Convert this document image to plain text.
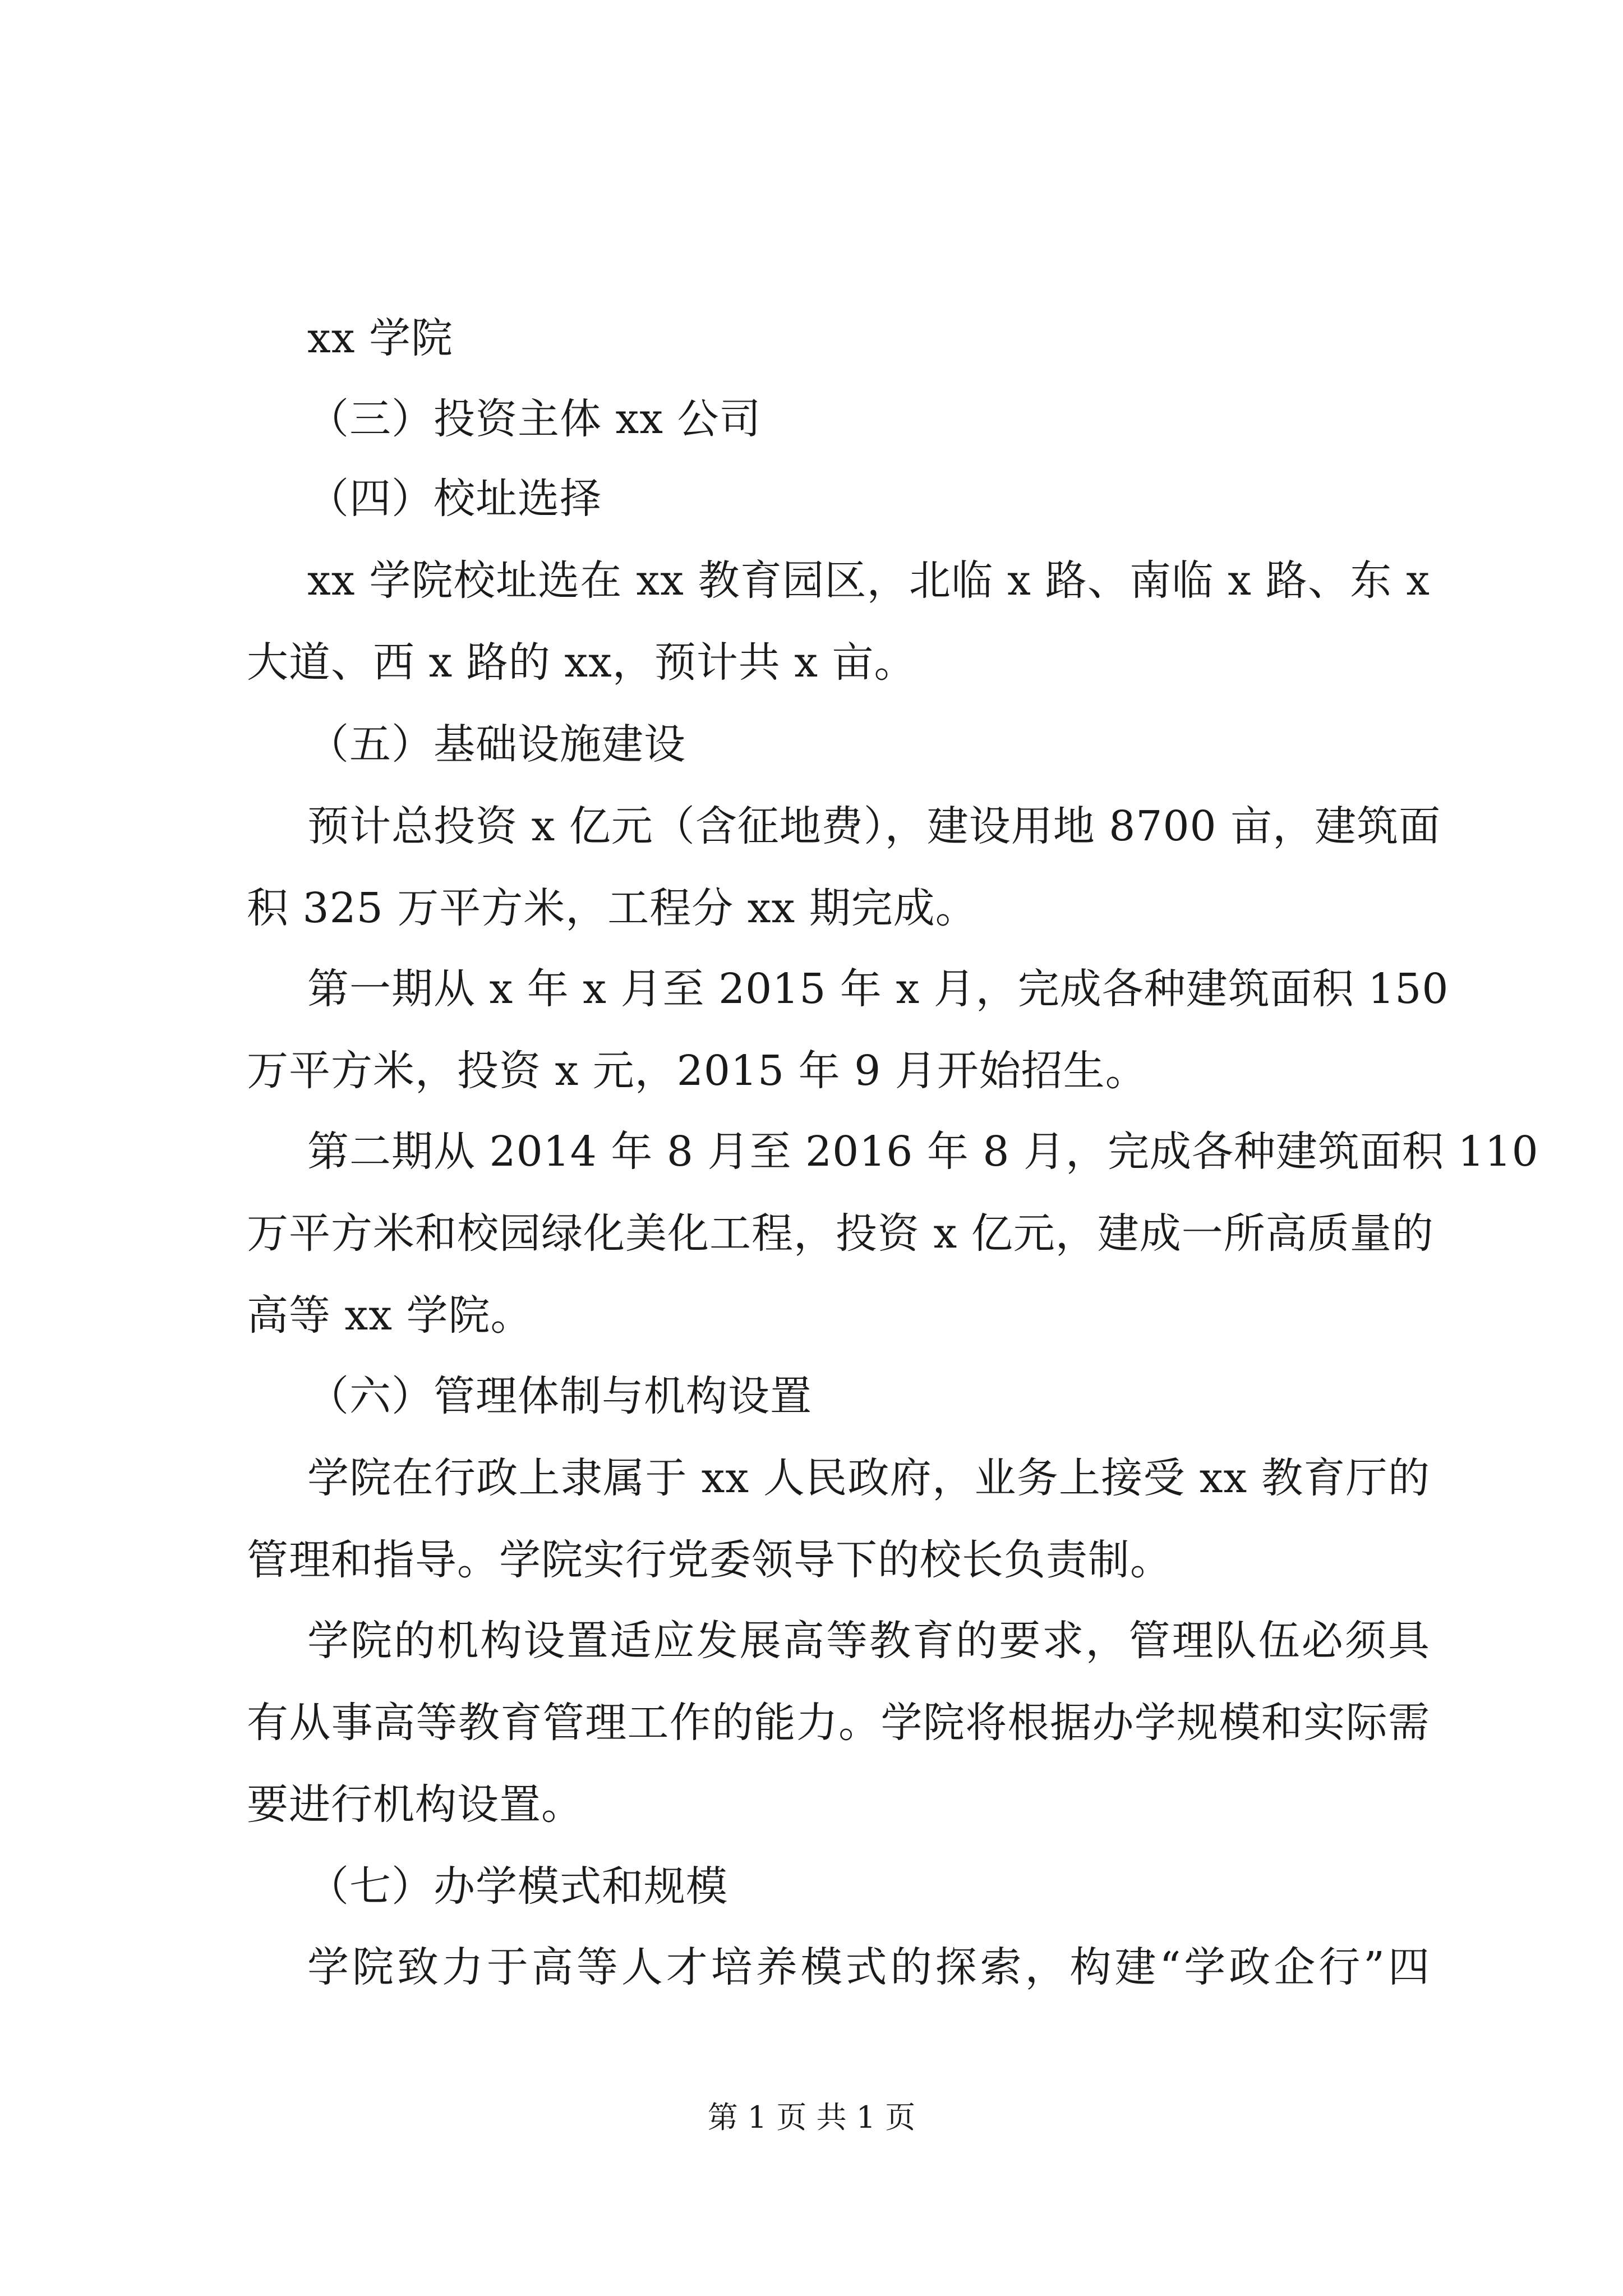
xx 学院
（三）投资主体 xx 公司
（四）校址选择
xx 学院校址选在 xx 教育园区，北临 x 路、南临 x 路、东 x
大道、西 x 路的 xx，预计共 x 亩。
（五）基础设施建设
预计总投资 x 亿元（含征地费），建设用地 8700 亩，建筑面
积 325 万平方米，工程分 xx 期完成。
第一期从 x 年 x 月至 2015 年 x 月，完成各种建筑面积 150
万平方米，投资 x 元，2015 年 9 月开始招生。
第二期从 2014 年 8 月至 2016 年 8 月，完成各种建筑面积 110
万平方米和校园绿化美化工程，投资 x 亿元，建成一所高质量的
高等 xx 学院。
（六）管理体制与机构设置
学院在行政上隶属于 xx 人民政府，业务上接受 xx 教育厅的
管理和指导。学院实行党委领导下的校长负责制。
学院的机构设置适应发展高等教育的要求，管理队伍必须具
有从事高等教育管理工作的能力。学院将根据办学规模和实际需
要进行机构设置。
（七）办学模式和规模
学院致力于高等人才培养模式的探索，构建“学政企行”四
第 1 页 共 1 页
